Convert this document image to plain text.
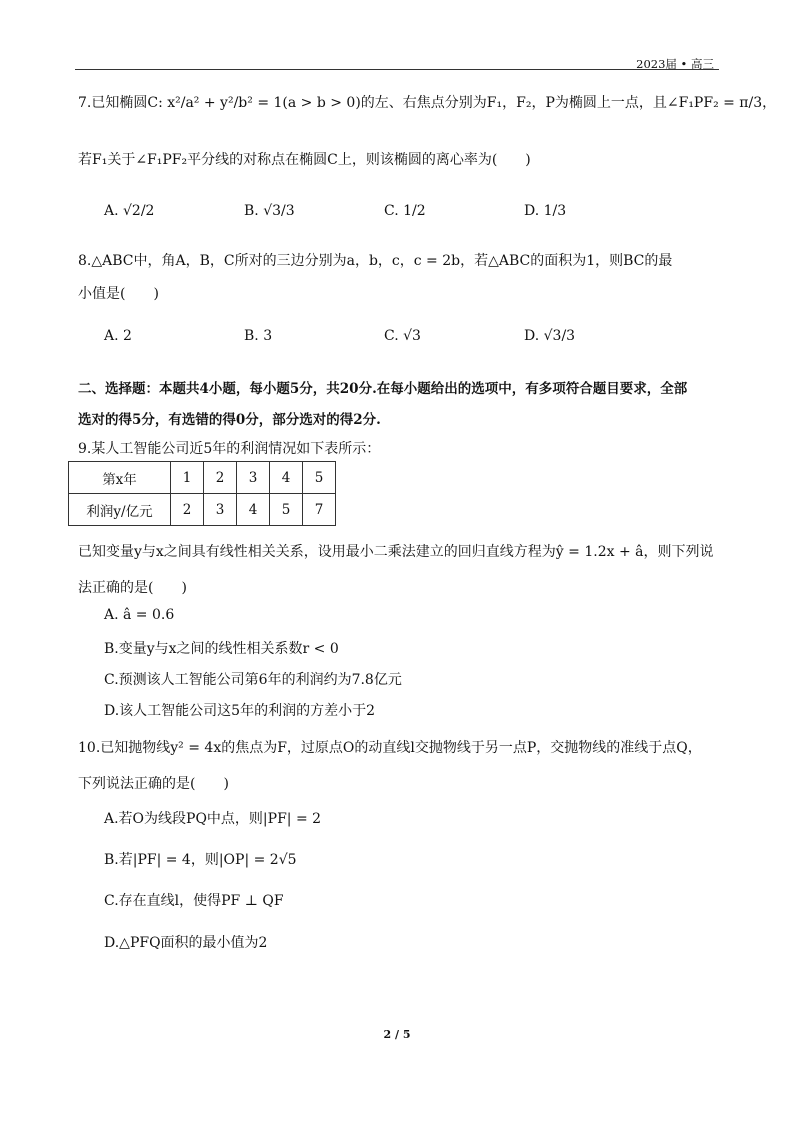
2023届 • 高三
7.已知椭圆C: x²/a² + y²/b² = 1(a > b > 0)的左、右焦点分别为F₁，F₂，P为椭圆上一点，且∠F₁PF₂ = π/3，
若F₁关于∠F₁PF₂平分线的对称点在椭圆C上，则该椭圆的离心率为(　　)
A. √2/2	B. √3/3	C. 1/2	D. 1/3
8.△ABC中，角A，B，C所对的三边分别为a，b，c，c = 2b，若△ABC的面积为1，则BC的最
小值是(　　)
A. 2	B. 3	C. √3	D. √3/3
二、选择题：本题共4小题，每小题5分，共20分.在每小题给出的选项中，有多项符合题目要求，全部
选对的得5分，有选错的得0分，部分选对的得2分.
9.某人工智能公司近5年的利润情况如下表所示：
第x年	1	2	3	4	5
利润y/亿元	2	3	4	5	7
已知变量y与x之间具有线性相关关系，设用最小二乘法建立的回归直线方程为ŷ = 1.2x + â，则下列说
法正确的是(　　)
A. â = 0.6
B.变量y与x之间的线性相关系数r < 0
C.预测该人工智能公司第6年的利润约为7.8亿元
D.该人工智能公司这5年的利润的方差小于2
10.已知抛物线y² = 4x的焦点为F，过原点O的动直线l交抛物线于另一点P，交抛物线的准线于点Q，
下列说法正确的是(　　)
A.若O为线段PQ中点，则|PF| = 2
B.若|PF| = 4，则|OP| = 2√5
C.存在直线l，使得PF ⊥ QF
D.△PFQ面积的最小值为2
2 / 5
